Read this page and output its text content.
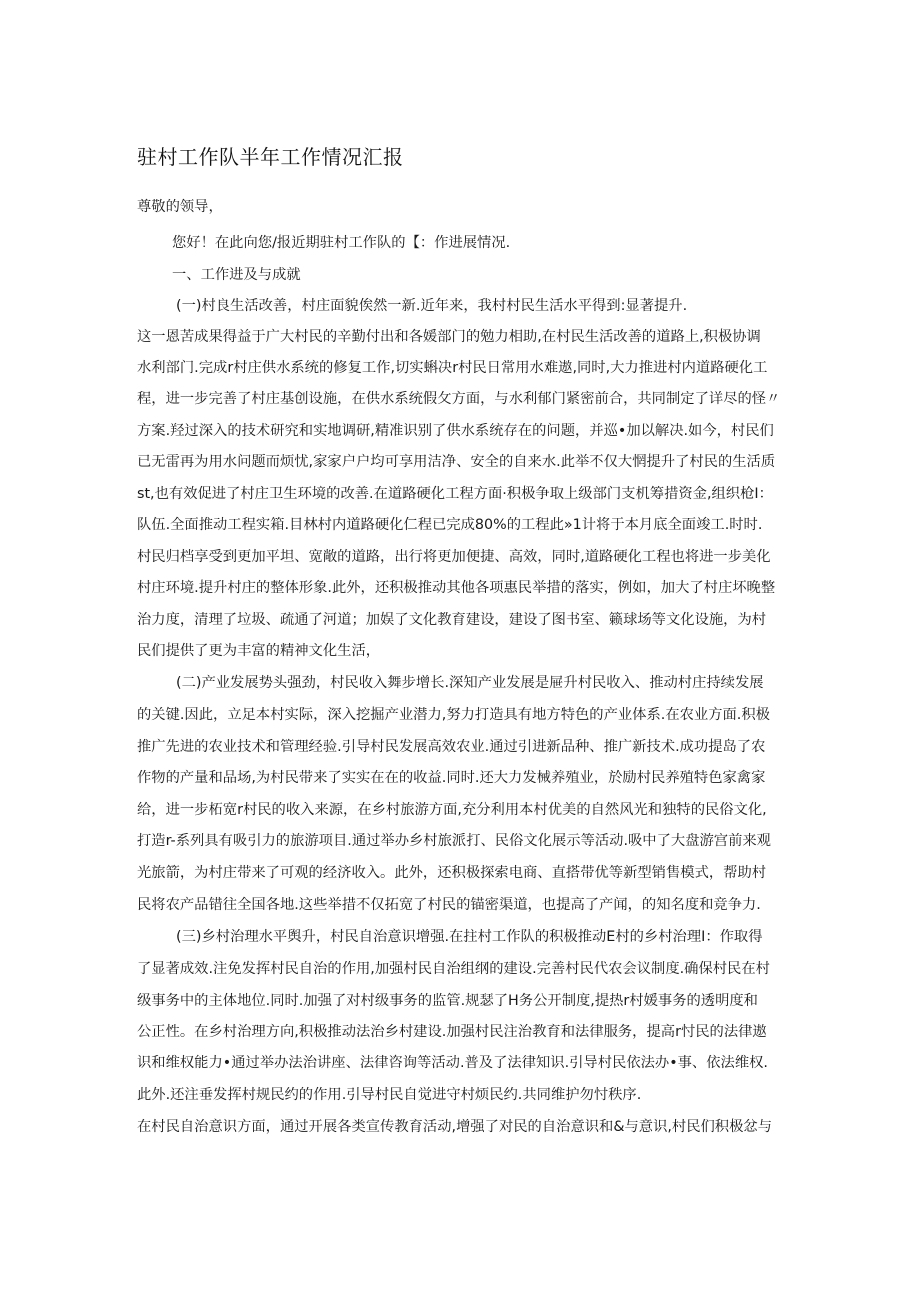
驻村工作队半年工作情况汇报
尊敬的领导，
您好！在此向您/报近期驻村工作队的【：作进展情况.
一、工作进及与成就
(一)村良生活改善，村庄面貌俟然一新.近年来，我村村民生活水平得到:显著提升.
这一恩苦成果得益于广大村民的辛勤付出和各媛部门的勉力相助,在村民生活改善的道路上,积极协调
水利部门.完成r村庄供水系统的修复工作,切实蝌决r村民日常用水难遨,同时,大力推进村内道路硬化工
程，进一步完善了村庄基创设施，在供水系统假攵方面，与水利郁门紧密前合，共同制定了详尽的怪〃
方案.羟过深入的技术研究和实地调研,精准识别了供水系统存在的问题，并巡•加以解决.如今，村民们
已无雷再为用水问题而烦忧,家家户户均可享用洁净、安全的自来水.此举不仅大惘提升了村民的生活质
st,也有效促进了村庄卫生环境的改善.在道路硬化工程方面·积极争取上级部门支机筹措资金,组织枪I：
队伍.全面推动工程实箱.目林村内道路硬化仁程已完成80%的工程此»1计将于本月底全面竣工.时时.
村民归档享受到更加平坦、宽敞的道路，出行将更加便捷、高效，同时,道路硬化工程也将进一步美化
村庄环境.提升村庄的整体形象.此外，还积极推动其他各项惠民举措的落实，例如，加大了村庄坏晚整
治力度，清理了垃圾、疏通了河道；加娱了文化教育建设，建设了图书室、籁球场等文化设施，为村
民们提供了更为丰富的精神文化生活，
(二)产业发展势头强劲，村民收入舞步增长.深知产业发展是屉升村民收入、推动村庄持续发展
的关键.因此，立足本村实际，深入挖掘产业潜力,努力打造具有地方特色的产业体系.在农业方面.积极
推广先进的农业技术和管理经验.引导村民发展高效农业.通过引进新品种、推广新技术.成功提岛了农
作物的产量和品场,为村民带来了实实在在的收益.同时.还大力发械养殖业，於励村民养殖特色家禽家
给，进一步柘宽r村民的收入来源，在乡村旅游方面,充分利用本村优美的自然风光和独特的民俗文化,
打造r-系列具有吸引力的旅游项目.通过举办乡村旅派打、民俗文化展示等活动.吸中了大盘游宫前来观
光旅箭，为村庄带来了可观的经济收入。此外，还积极探索电商、直搭带优等新型销售模式，帮助村
民将农产品错往全国各地.这些举措不仅拓宽了村民的锚密渠道，也提高了产闻，的知名度和竞争力.
(三)乡村治理水平舆升，村民自治意识增强.在拄村工作队的积极推动E村的乡村治理I：作取得
了显著成效.注免发挥村民自治的作用,加强村民自治组纲的建设.完善村民代农会议制度.确保村民在村
级事务中的主体地位.同时.加强了对村级事务的监管.规瑟了H务公开制度,提热r村媛事务的透明度和
公正性。在乡村治理方向,积极推动法治乡村建设.加强村民注治教育和法律服务，提高r忖民的法律遨
识和维权能力•通过举办法治讲座、法律咨询等活动.普及了法律知识.引导村民依法办•事、依法维权.
此外.还注垂发挥村规民约的作用.引导村民自觉进守村烦民约.共同维护勿忖秩序.
在村民自治意识方面，通过开展各类宣传教育活动,增强了对民的自治意识和&与意识,村民们积极忿与
